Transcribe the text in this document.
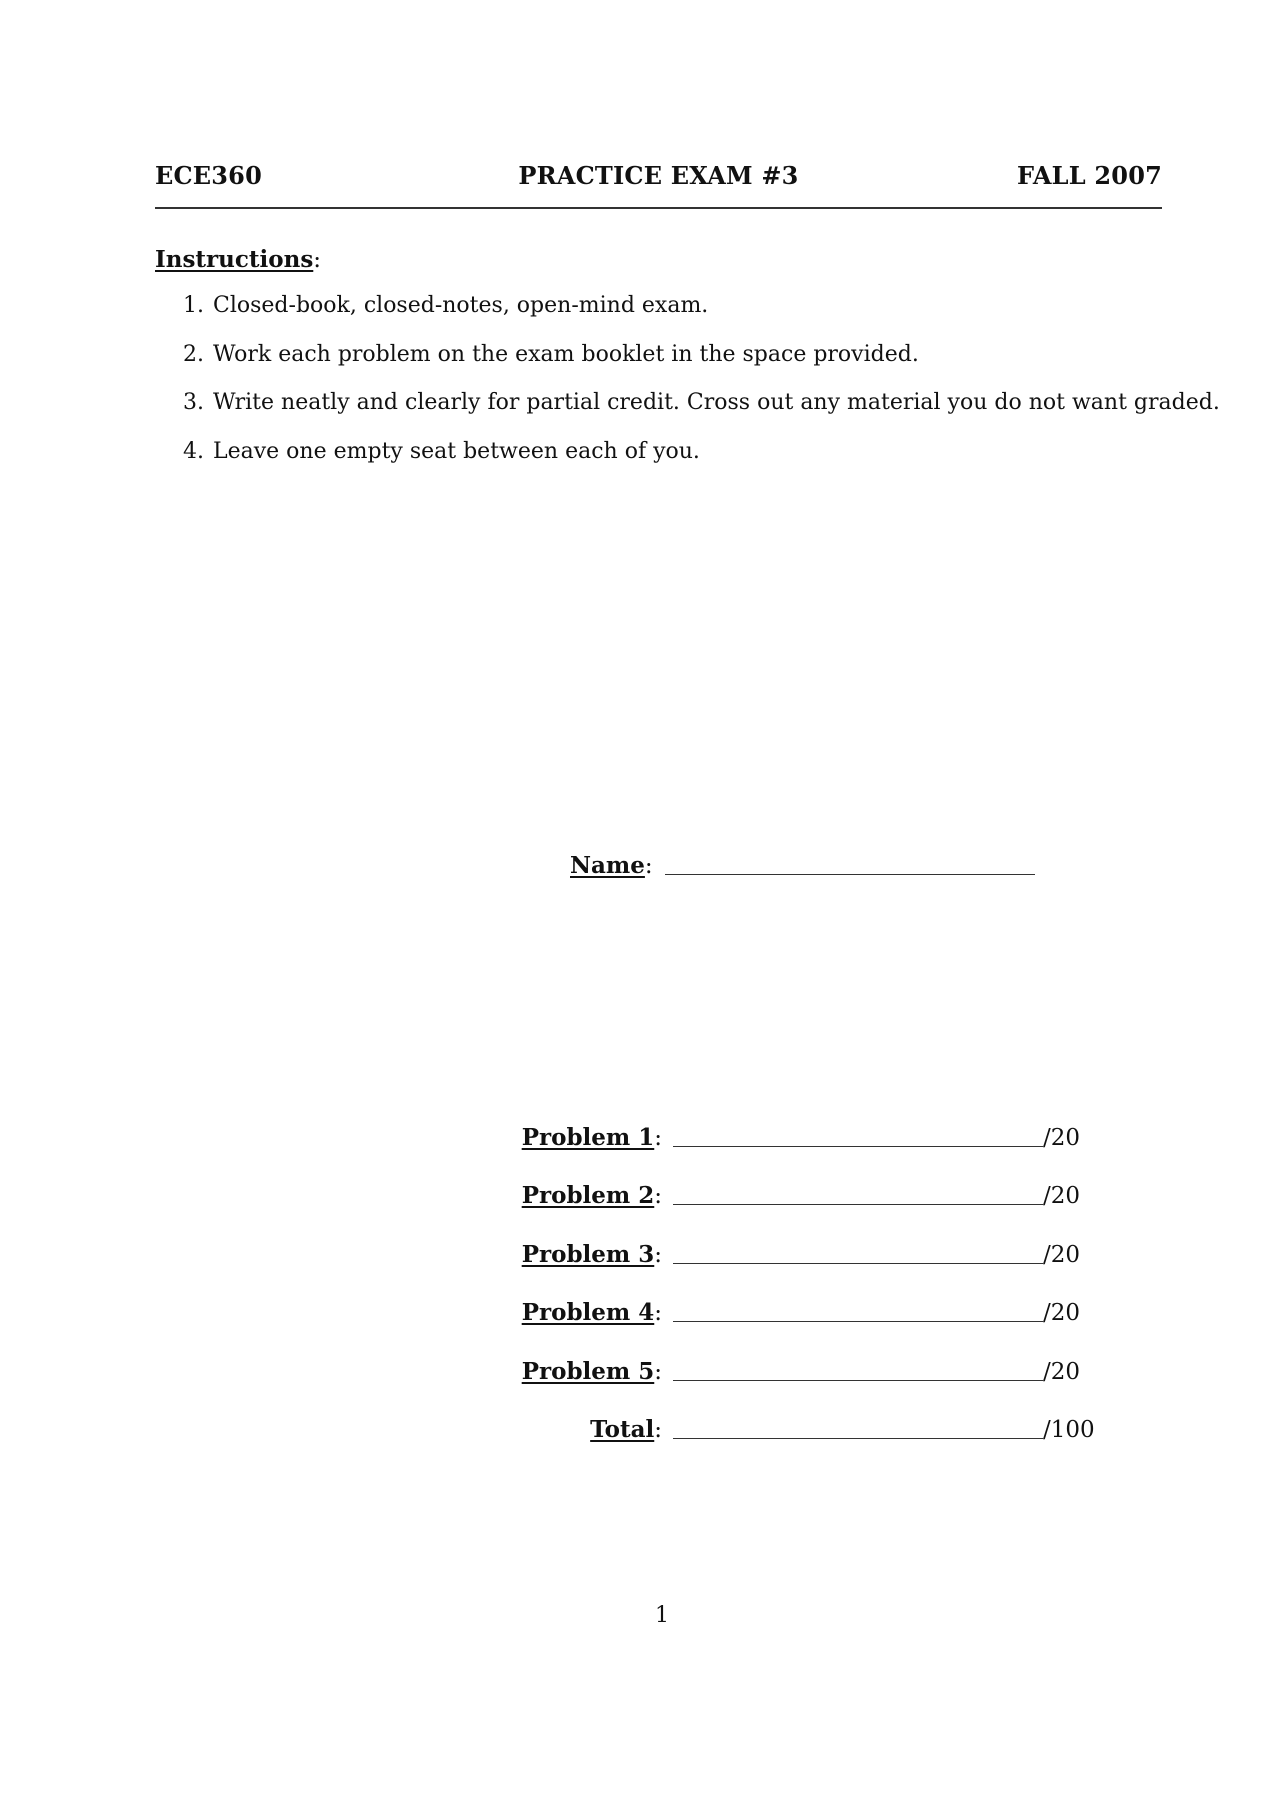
ECE360	PRACTICE EXAM #3	FALL 2007
Instructions:
1. Closed-book, closed-notes, open-mind exam.
2. Work each problem on the exam booklet in the space provided.
3. Write neatly and clearly for partial credit. Cross out any material you do not want graded.
4. Leave one empty seat between each of you.
Name :
Problem 1:	/20
Problem 2:	/20
Problem 3:	/20
Problem 4:	/20
Problem 5:	/20
Total:	/100
1
